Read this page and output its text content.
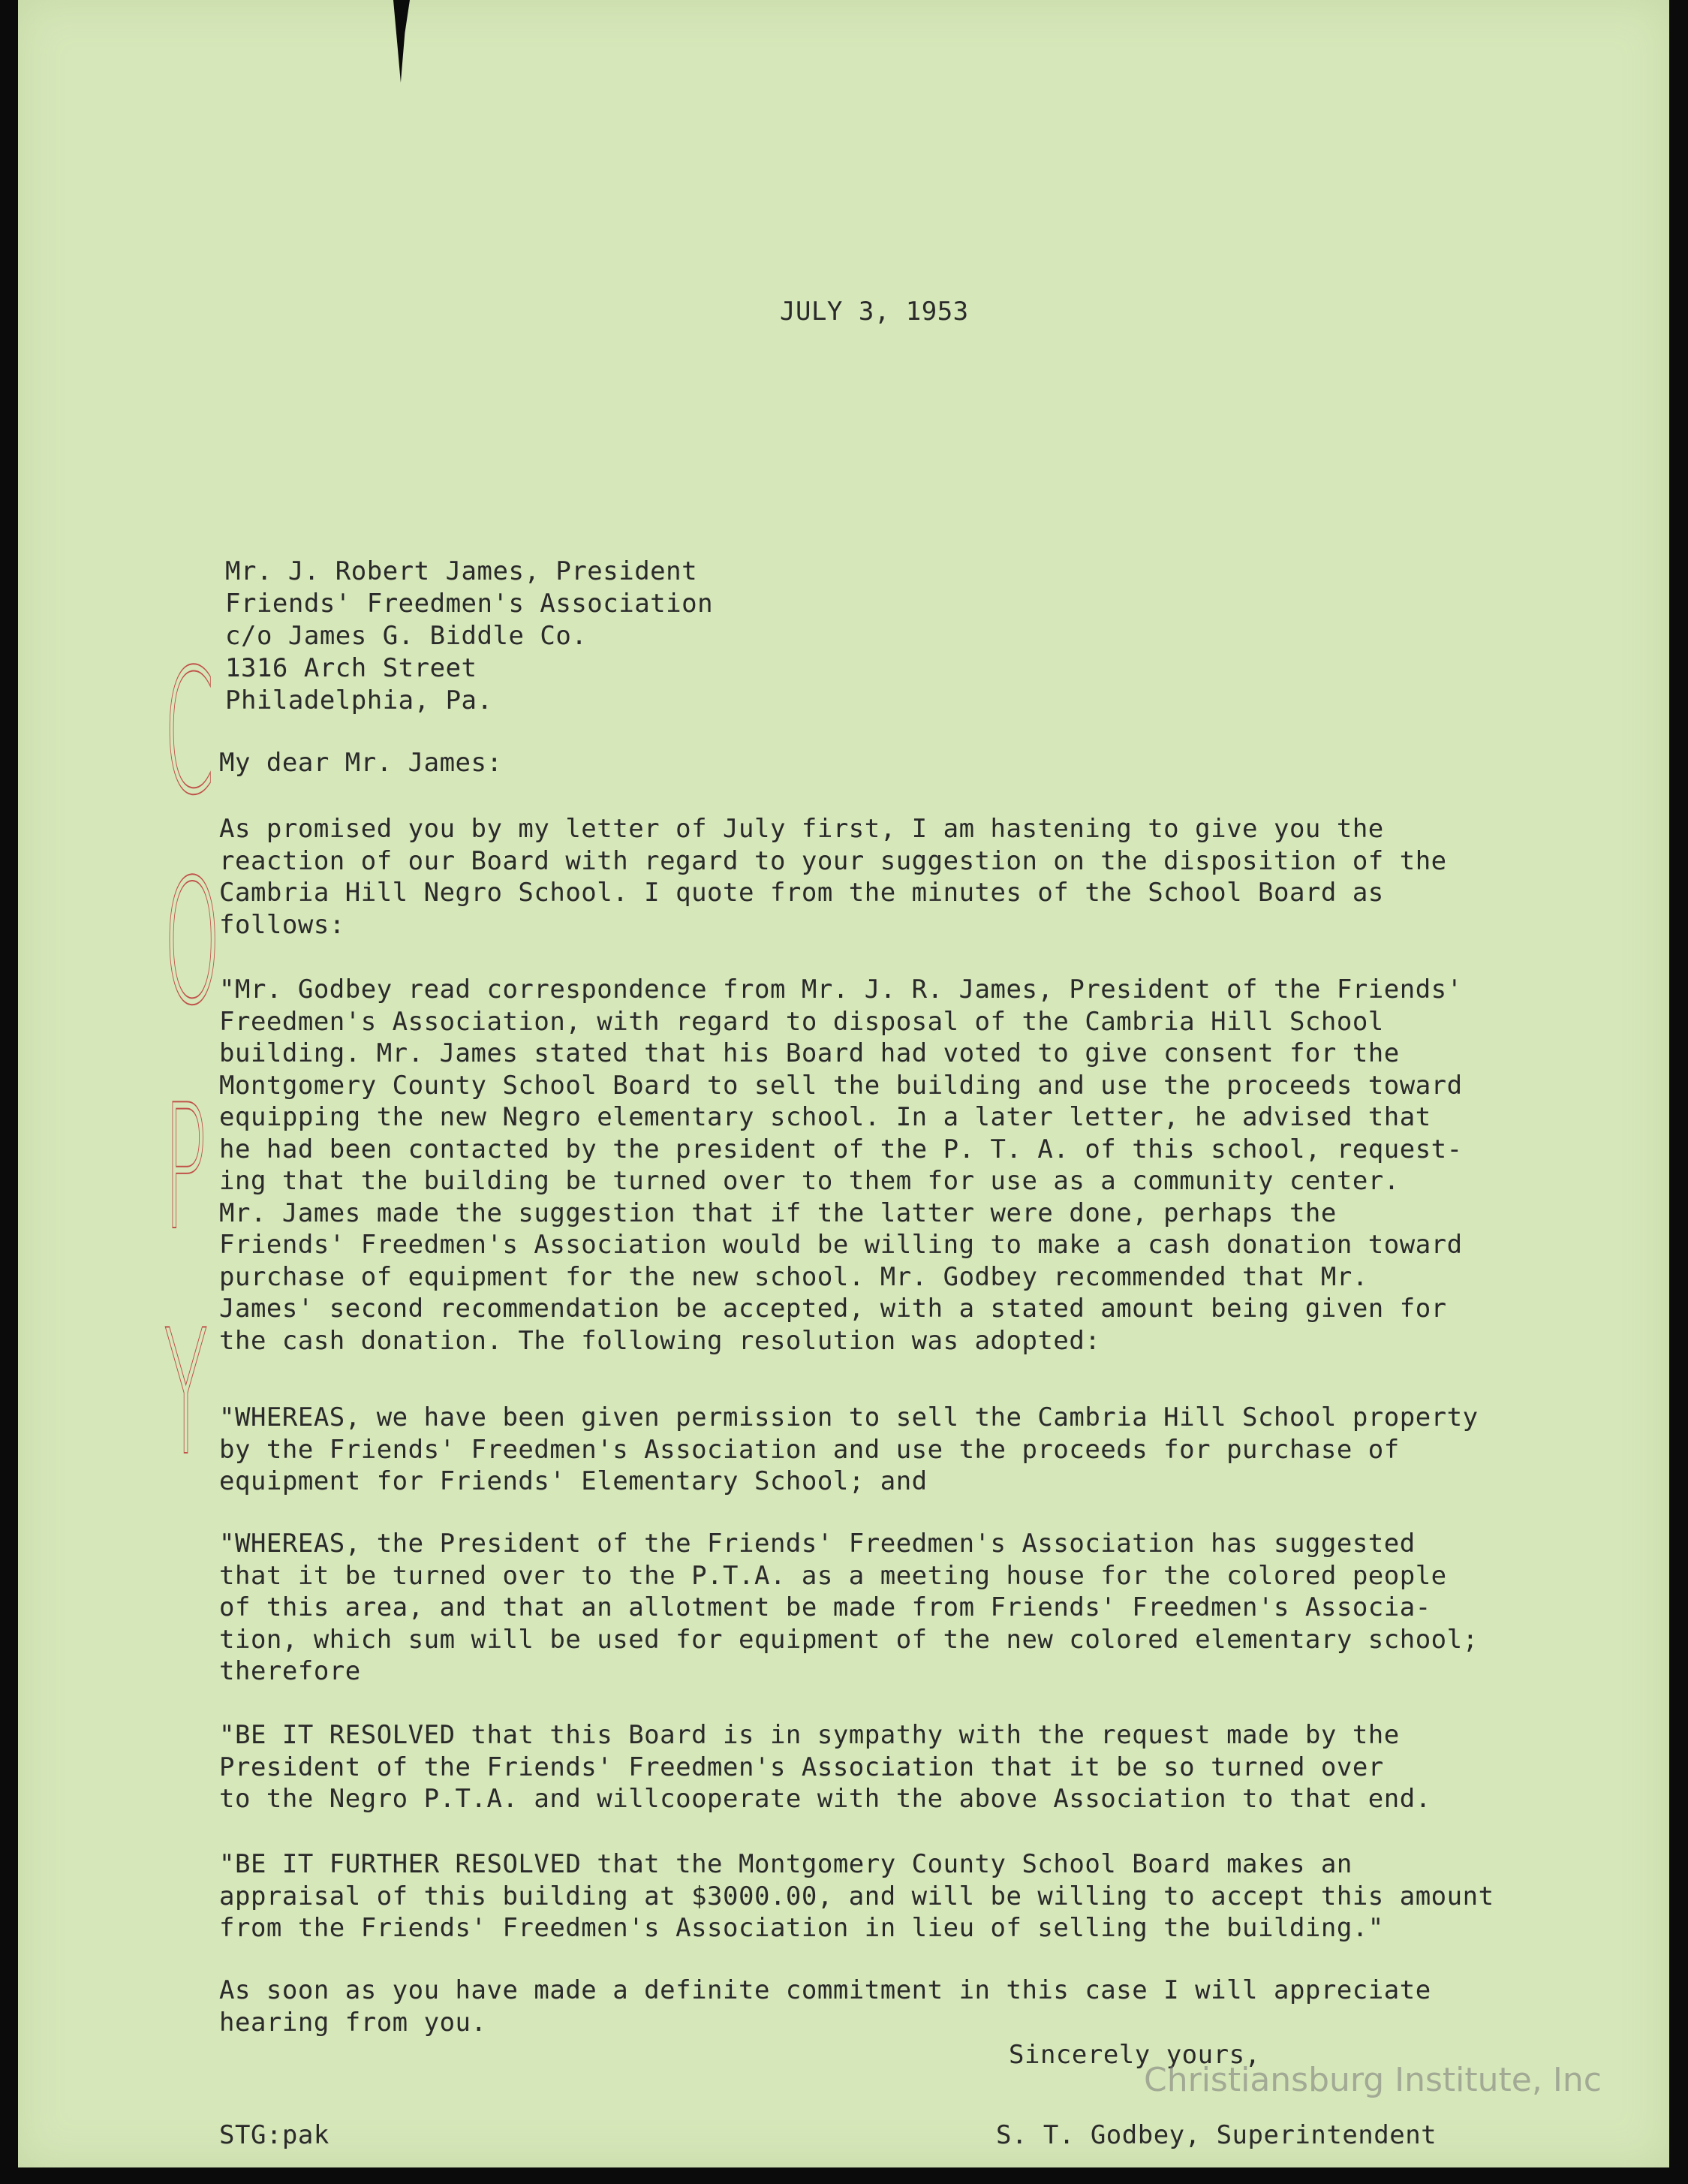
JULY 3, 1953
Mr. J. Robert James, President
Friends' Freedmen's Association
c/o James G. Biddle Co.
1316 Arch Street
Philadelphia, Pa.
C
O
P
Y
My dear Mr. James:
As promised you by my letter of July first, I am hastening to give you the
reaction of our Board with regard to your suggestion on the disposition of the
Cambria Hill Negro School. I quote from the minutes of the School Board as
follows:
"Mr. Godbey read correspondence from Mr. J. R. James, President of the Friends'
Freedmen's Association, with regard to disposal of the Cambria Hill School
building. Mr. James stated that his Board had voted to give consent for the
Montgomery County School Board to sell the building and use the proceeds toward
equipping the new Negro elementary school. In a later letter, he advised that
he had been contacted by the president of the P. T. A. of this school, request-
ing that the building be turned over to them for use as a community center.
Mr. James made the suggestion that if the latter were done, perhaps the
Friends' Freedmen's Association would be willing to make a cash donation toward
purchase of equipment for the new school. Mr. Godbey recommended that Mr.
James' second recommendation be accepted, with a stated amount being given for
the cash donation. The following resolution was adopted:
"WHEREAS, we have been given permission to sell the Cambria Hill School property
by the Friends' Freedmen's Association and use the proceeds for purchase of
equipment for Friends' Elementary School; and
"WHEREAS, the President of the Friends' Freedmen's Association has suggested
that it be turned over to the P.T.A. as a meeting house for the colored people
of this area, and that an allotment be made from Friends' Freedmen's Associa-
tion, which sum will be used for equipment of the new colored elementary school;
therefore
"BE IT RESOLVED that this Board is in sympathy with the request made by the
President of the Friends' Freedmen's Association that it be so turned over
to the Negro P.T.A. and willcooperate with the above Association to that end.
"BE IT FURTHER RESOLVED that the Montgomery County School Board makes an
appraisal of this building at $3000.00, and will be willing to accept this amount
from the Friends' Freedmen's Association in lieu of selling the building."
As soon as you have made a definite commitment in this case I will appreciate
hearing from you.
Sincerely yours,
STG:pak	S. T. Godbey, Superintendent
Christiansburg Institute, Inc
